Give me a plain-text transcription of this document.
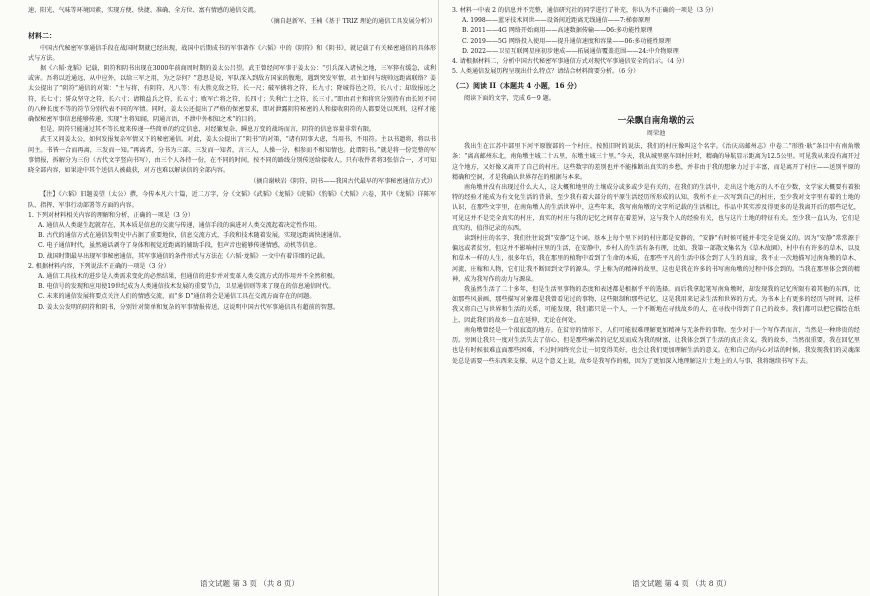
速、阳光、气味等环境因素，实现方便、快捷、准确、全方位、富有情感的通信交流。

（摘自赵新军、王楠《基于 TRIZ 理论的通信工具发展分析》）

材料二：

中国古代秘密军事通信手段在战国时期就已经出现，战国中后期成书的军事著作《六韬》中的《阴符》和《阴书》，就记载了有关秘密通信的具体形式与方法。

据《六韬·龙韬》记载，阴符和阴书出现在3000年前商周时期的姜太公吕望。武王曾经问军事于姜太公：“引兵深入诸侯之地，三军猝有缓急，或利或害。吾将以近通远，从中应外，以给三军之用，为之奈何？”意思是说，军队深入到敌方国家的腹地，遇到突发军情，君主如何与统帅远距离联络？姜太公提出了“阴符”通信的对策：“主与将，有阴符，凡八等：有大胜克敌之符，长一尺；破军擒将之符，长九寸；降城得邑之符，长八寸；却敌报远之符，长七寸；誓众坚守之符，长六寸；请粮益兵之符，长五寸；败军亡将之符，长四寸；失利亡士之符，长三寸。”即由君主和将官分别持有由长短不同的八种长度不等的符节分别代表不同的军情。同时，姜太公还提出了严格的保密要求，即对泄露阴符秘密的人和接收阴符的人都要处以死刑，这样才能确保秘密军事信息能够传递，实现“主将知闻，阴通言语，不泄中外相知之术”的目的。

但是，阴符只能通过其不等长度来传递一些简单的约定信息，对经繁复杂、瞬息万变的战场而言，阴符的信息容量非常有限。

武王又问姜太公，如何发报复杂军情又下的秘密通信。对此，姜太公提出了“阴书”的对策，“诸有阴事大虑，当用书，不用符。主以书遗将，将以书问主。书皆一合而再离，三发而一知。”再离者，分书为三部。三发而一知者，言三人，人操一分，相参而不相知情也。此谓阴书。”就是将一份完整的军事情报，拆解分为三份（古代文字竖向书写），由三个人各持一份，在不同的时间，按不同的路线分别传送给接收人。只有收件者将3张信合一，才可知晓全部内容，如果途中其个送信人被截获，对方也难以解读信的全部内容。

（摘自谢峡岩《阴符、阴书——我国古代最早的军事秘密通信方式》）

【注】《六韬》旧题姜望（太公）撰，今传本凡六十篇，近二万字，分《文韬》《武韬》《龙韬》《虎韬》《豹韬》《犬韬》六卷，其中《龙韬》详陈军队、指挥、军事行动部署等方面的内容。

1. 下列对材料相关内容的理解和分析，正确的一项是（3 分）

A. 通信从人类诞生起就存在，其本质是信息的交流与传递，通信手段的演进对人类交流起着决定性作用。

B. 古代的通信方式在通信发明史中占据了重要地位，信息交流方式、手段和技术随着发展，实现远距离快速通信。

C. 电子通信时代，虽然通话剥夺了身体和视觉近距离的辅助手段，但声音也能够传递情感，动机等信息。

D. 战国时期最早出现军事秘密通信，其军事通信的条件形式与方法在《六韬·龙韬》一文中有着详细的记载。

2. 根据材料内容，下列说法不正确的一项是（3 分）

A. 通信工具技术的进步是人类需求变化的必然结果，但通信的进步并对变革人类交流方式的作用并不全然积极。

B. 电信号的发现和应用使19世纪成为人类通信技术发展的重要节点，卫星通信则等来了现在的信息通信时代。

C. 未来的通信发展将要点关注人们的情感交流，而“多 D”通信将会是通信工具在交流方面存在的问题。

D. 姜太公发明的阴符和阴书，分别针对简单和复杂的军事情报传送，这说明中国古代军事通信具有超前的智慧。

3. 材料一中表 2 的信息并不完整，通信研究社的同学进行了补充，你认为不正确的一项是（3 分）

A. 1998——蓝牙技术问世——设备间近距离无线通信——7:梯套原理

B. 2011——4G 网络开始商用——高速数据传输——06:多功能性原理

C. 2019——5G 网络投入使用——提升通信速度和容量——06:多功能性原理

D. 2022——卫星互联网星座初步建成——拓展通信覆盖范围——24:中介物原理

4. 请根据材料二，分析中国古代秘密军事通信方式对现代军事通信安全的启示。（4 分）

5. 人类通信发展历程呈现出什么特点？请结合材料简要分析。（6 分）

（二）阅读 II（本题共 4 小题，16 分）

阅读下面的文字，完成 6～9 题。

一朵飘自南角墩的云

周荣池

我出生在江苏中部里下河平原腹部的一个村庄，按照旧时的说法，我们的村庄像叫这个名字。《治庆高邮州志》中卷二“形胜·耿”条目中有南角墩条：“离高邮州东北，南角墩主城二十五里，东墩主城三十里。”今天，我从城里驱车回村庄时，精确的导航显示距离为12.5公里。可见我从来没有离开过这个地方，又好像又离开了自己的村庄。这些数字的差别也并不能推断出真实的乡愁，并非由于我的想象力过于丰富，而是离开了村庄——送别平原的精确和空洞，才是我确认世界存在的根据与本来。

南角墩并没有出现过什么大人，这大概和地里的土壤成分或多或少是有关的，在我们的生活中，走出这个地方的人不在少数，文学家大概要有着独特的经验才能成为有文化生活的背景，至少我有着大部分的平原生活经历所形成的认知，我所不止一次写到自己的村庄，至少我对文字里有着的土地的认识，在那些文字里，在南角墩人的生活世界中，这些年来，我写南角墩的文字所记载的生活相比，作品中其实涉及得更多的是我离开后的那些记忆，可见这并不是完全真实的村庄，真实的村庄与我的记忆之间存在着差异，这与我个人的经验有关，也与这片土地的特征有关。至少我一直认为，它们是真实的、值得记录的东西。

读到村庄的名字，我们往往说到“安静”这个词。基本上每个里下河的村庄都是安静的，“安静”有时候可能并非完全是褒义的。因为“安静”常常源于偏远或者贫穷，但这并不影响村庄里的生活，在安静中，乡村人的生活有条有理，比如，我第一部散文集名为《草木故園》，村中有有许多的草木，以及和草木一样的人生，很多年后，我在那里的植物中看到了生命的本质，在那些平凡的生活中体会到了人生的真谛，我不止一次地描写过南角墩的草木、河流、庄稼和人物，它们让我不断回到文学的源头。学上称为的精神的故里，这也是我在许多的书写南角墩的过程中体会到的。当我在那里体会到的精神，成为我写作的动力与源泉。

我虽然生活了二十多年，但是生活里事物的态度和表述都是根据乎平的选择。而后我拿起笔写南角墩时，却发现我的记忆所限有着其他的东西，比如那些风景画、那些描写对象都是我曾看见过的事物，这些限制和那些记忆，这是我用来记录生活和世界的方式。为书本上有更多的经历与时间，这样我又将自己与世界和生活的关系，可能发现，我们都只是一个人，一个不断地在寻找故乡的人，在寻找中得到了自己的故乡。我们都可以把它描绘在纸上，因此我们的故乡一直在延伸，无论在何处。

南角墩曾经是一个很寂寞的地方。在贫穷的情形下，人们可能很难理解更加精神与无条件的事物。至少对于一个写作者而言，当然是一种珍贵的经历。穷困让我只一度对生活失去了信心，但是那些痛苦的记忆反而成为我的财富，让我体会到了生活的真正含义。我的故乡，当然很重要，我在回忆里也是有时候很难直面那些困难，不过时间终究会让一切变得美好，也会让我们更加理解生活的意义。在和自己的内心对话的时候，我发现我们的灵魂深处总是需要一些东西来支撑，从这个意义上说，故乡是我写作的根，因为了更加深入地理解这片土地上的人与事，我将继续书写下去。

语文试题 第 3 页 （共 8 页）	语文试题 第 4 页 （共 8 页）
